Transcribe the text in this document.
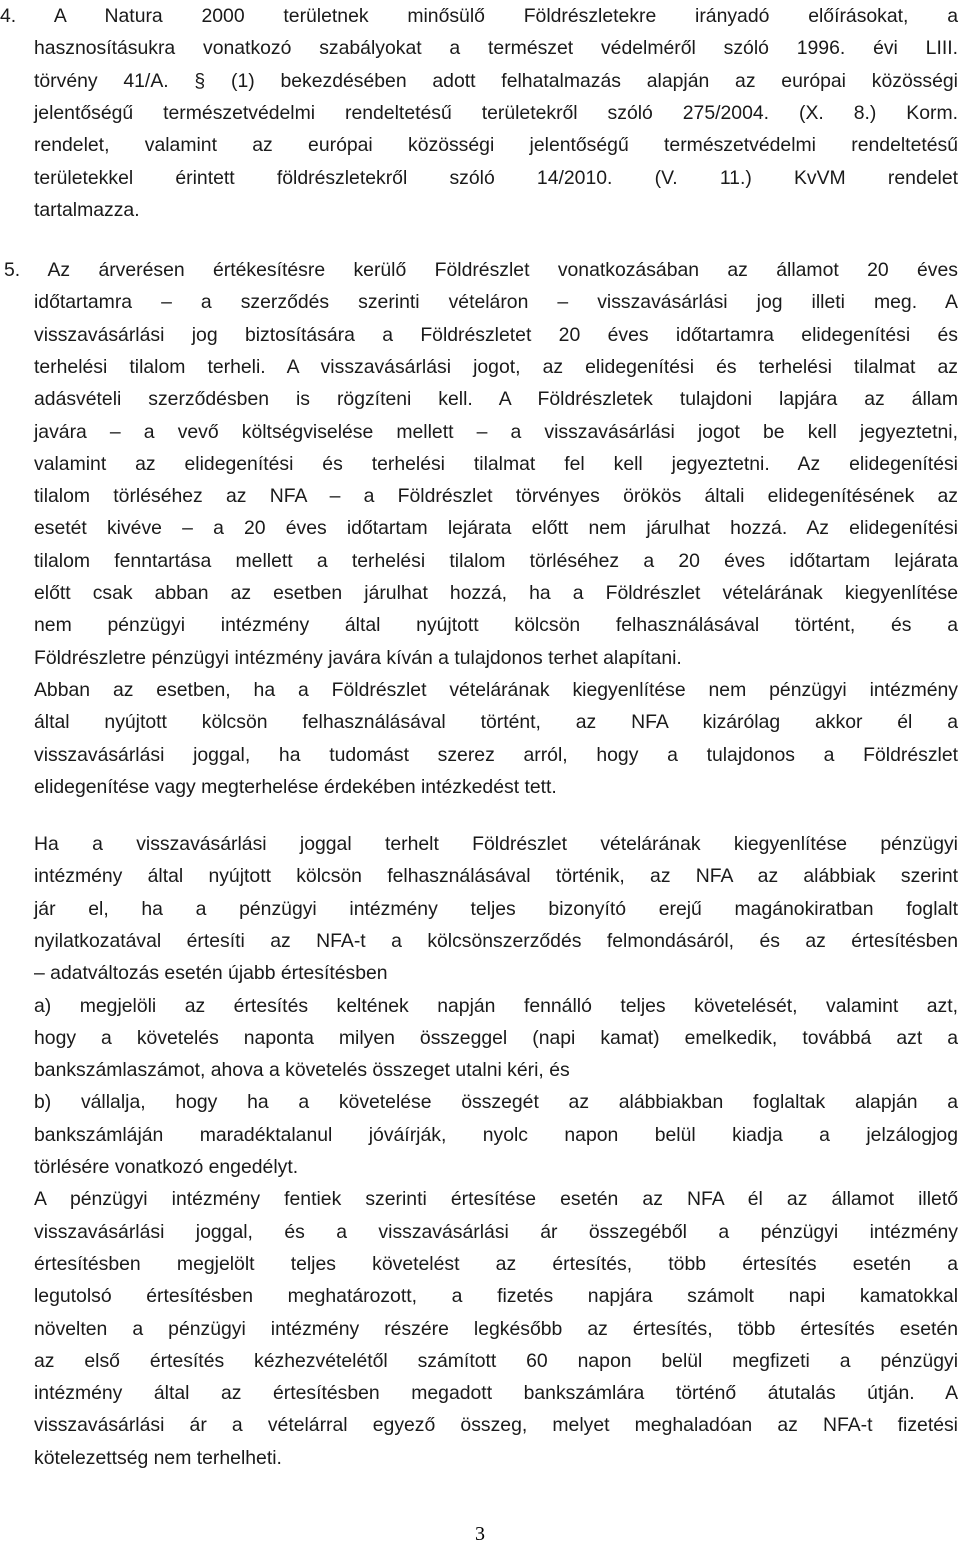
4. A Natura 2000 területnek minősülő Földrészletekre irányadó előírásokat, a
hasznosításukra vonatkozó szabályokat a természet védelméről szóló 1996. évi LIII.
törvény 41/A. § (1) bekezdésében adott felhatalmazás alapján az európai közösségi
jelentőségű természetvédelmi rendeltetésű területekről szóló 275/2004. (X. 8.) Korm.
rendelet, valamint az európai közösségi jelentőségű természetvédelmi rendeltetésű
területekkel érintett földrészletekről szóló 14/2010. (V. 11.) KvVM rendelet
tartalmazza.
5. Az árverésen értékesítésre kerülő Földrészlet vonatkozásában az államot 20 éves
időtartamra – a szerződés szerinti vételáron – visszavásárlási jog illeti meg. A
visszavásárlási jog biztosítására a Földrészletet 20 éves időtartamra elidegenítési és
terhelési tilalom terheli. A visszavásárlási jogot, az elidegenítési és terhelési tilalmat az
adásvételi szerződésben is rögzíteni kell. A Földrészletek tulajdoni lapjára az állam
javára – a vevő költségviselése mellett – a visszavásárlási jogot be kell jegyeztetni,
valamint az elidegenítési és terhelési tilalmat fel kell jegyeztetni. Az elidegenítési
tilalom törléséhez az NFA – a Földrészlet törvényes örökös általi elidegenítésének az
esetét kivéve – a 20 éves időtartam lejárata előtt nem járulhat hozzá. Az elidegenítési
tilalom fenntartása mellett a terhelési tilalom törléséhez a 20 éves időtartam lejárata
előtt csak abban az esetben járulhat hozzá, ha a Földrészlet vételárának kiegyenlítése
nem pénzügyi intézmény által nyújtott kölcsön felhasználásával történt, és a
Földrészletre pénzügyi intézmény javára kíván a tulajdonos terhet alapítani.
Abban az esetben, ha a Földrészlet vételárának kiegyenlítése nem pénzügyi intézmény
által nyújtott kölcsön felhasználásával történt, az NFA kizárólag akkor él a
visszavásárlási joggal, ha tudomást szerez arról, hogy a tulajdonos a Földrészlet
elidegenítése vagy megterhelése érdekében intézkedést tett.
Ha a visszavásárlási joggal terhelt Földrészlet vételárának kiegyenlítése pénzügyi
intézmény által nyújtott kölcsön felhasználásával történik, az NFA az alábbiak szerint
jár el, ha a pénzügyi intézmény teljes bizonyító erejű magánokiratban foglalt
nyilatkozatával értesíti az NFA-t a kölcsönszerződés felmondásáról, és az értesítésben
– adatváltozás esetén újabb értesítésben
a) megjelöli az értesítés keltének napján fennálló teljes követelését, valamint azt,
hogy a követelés naponta milyen összeggel (napi kamat) emelkedik, továbbá azt a
bankszámlaszámot, ahova a követelés összeget utalni kéri, és
b) vállalja, hogy ha a követelése összegét az alábbiakban foglaltak alapján a
bankszámláján maradéktalanul jóváírják, nyolc napon belül kiadja a jelzálogjog
törlésére vonatkozó engedélyt.
A pénzügyi intézmény fentiek szerinti értesítése esetén az NFA él az államot illető
visszavásárlási joggal, és a visszavásárlási ár összegéből a pénzügyi intézmény
értesítésben megjelölt teljes követelést az értesítés, több értesítés esetén a
legutolsó értesítésben meghatározott, a fizetés napjára számolt napi kamatokkal
növelten a pénzügyi intézmény részére legkésőbb az értesítés, több értesítés esetén
az első értesítés kézhezvételétől számított 60 napon belül megfizeti a pénzügyi
intézmény által az értesítésben megadott bankszámlára történő átutalás útján. A
visszavásárlási ár a vételárral egyező összeg, melyet meghaladóan az NFA-t fizetési
kötelezettség nem terhelheti.
3
